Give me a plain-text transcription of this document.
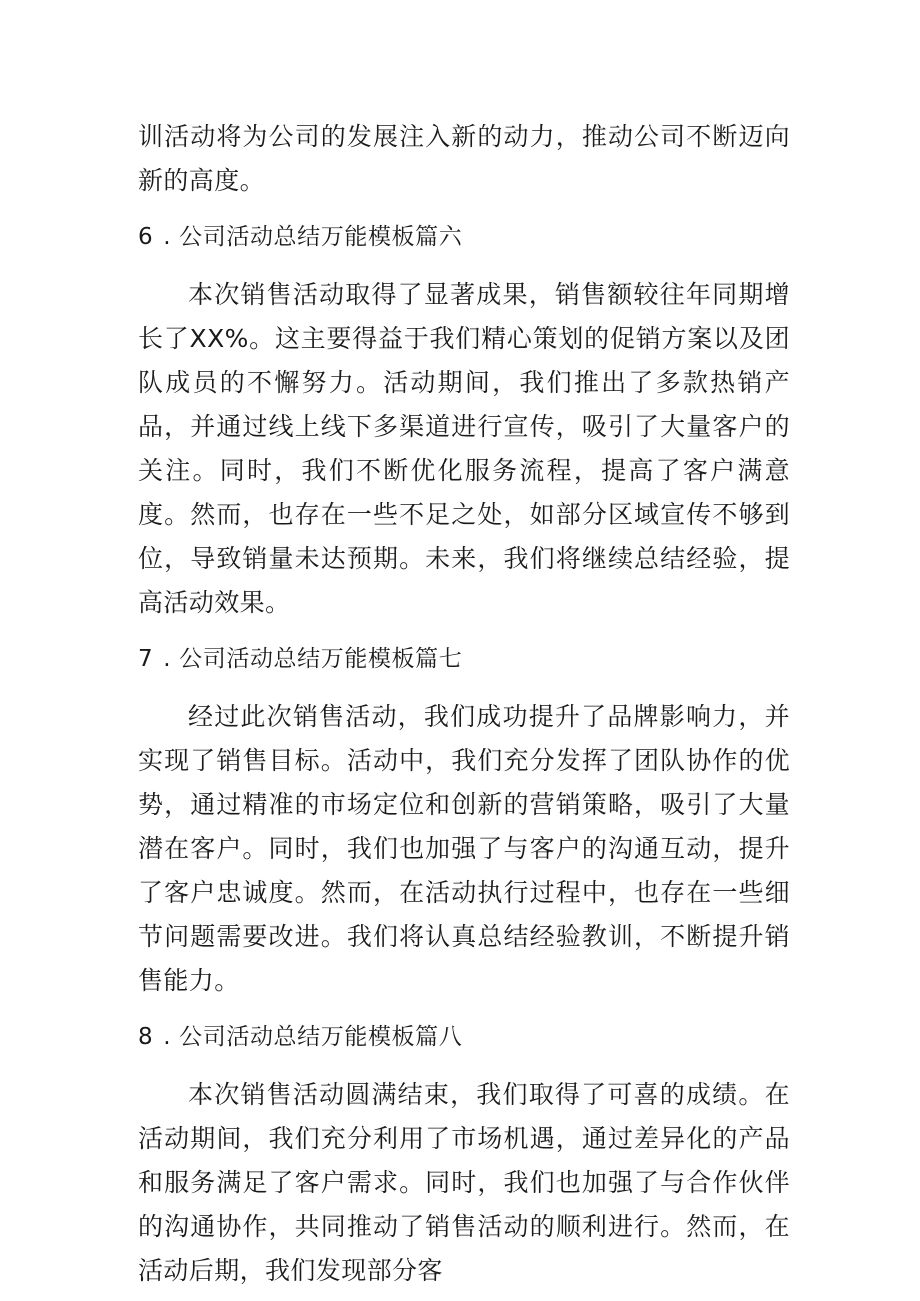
训活动将为公司的发展注入新的动力，推动公司不断迈向新的高度。

6 . 公司活动总结万能模板篇六

本次销售活动取得了显著成果，销售额较往年同期增长了XX%。这主要得益于我们精心策划的促销方案以及团队成员的不懈努力。活动期间，我们推出了多款热销产品，并通过线上线下多渠道进行宣传，吸引了大量客户的关注。同时，我们不断优化服务流程，提高了客户满意度。然而，也存在一些不足之处，如部分区域宣传不够到位，导致销量未达预期。未来，我们将继续总结经验，提高活动效果。

7 . 公司活动总结万能模板篇七

经过此次销售活动，我们成功提升了品牌影响力，并实现了销售目标。活动中，我们充分发挥了团队协作的优势，通过精准的市场定位和创新的营销策略，吸引了大量潜在客户。同时，我们也加强了与客户的沟通互动，提升了客户忠诚度。然而，在活动执行过程中，也存在一些细节问题需要改进。我们将认真总结经验教训，不断提升销售能力。

8 . 公司活动总结万能模板篇八

本次销售活动圆满结束，我们取得了可喜的成绩。在活动期间，我们充分利用了市场机遇，通过差异化的产品和服务满足了客户需求。同时，我们也加强了与合作伙伴的沟通协作，共同推动了销售活动的顺利进行。然而，在活动后期，我们发现部分客
